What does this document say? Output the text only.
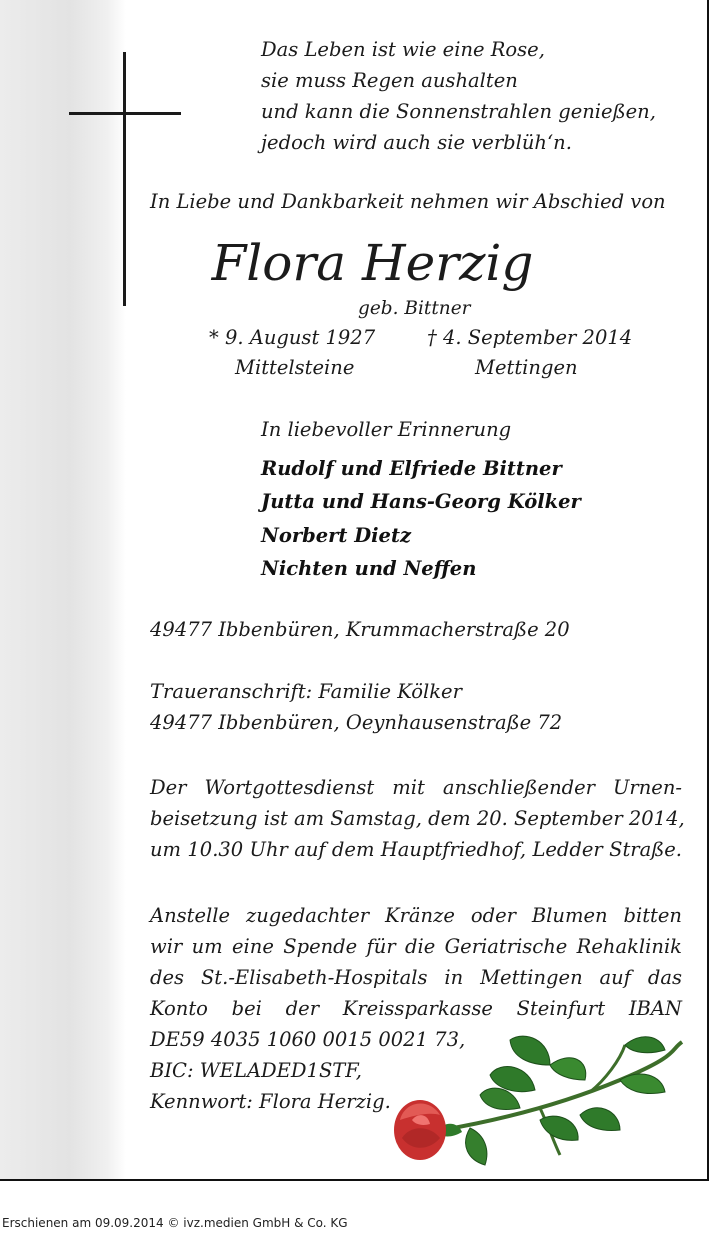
Das Leben ist wie eine Rose,
sie muss Regen aushalten
und kann die Sonnenstrahlen genießen,
jedoch wird auch sie verblüh‘n.
In Liebe und Dankbarkeit nehmen wir Abschied von
Flora Herzig
geb. Bittner
* 9. August 1927	† 4. September 2014
Mittelsteine	Mettingen
In liebevoller Erinnerung
Rudolf und Elfriede Bittner
Jutta und Hans-Georg Kölker
Norbert Dietz
Nichten und Neffen
49477 Ibbenbüren, Krummacherstraße 20
Traueranschrift: Familie Kölker
49477 Ibbenbüren, Oeynhausenstraße 72
Der Wortgottesdienst mit anschließender Urnen-
beisetzung ist am Samstag, dem 20. September 2014,
um 10.30 Uhr auf dem Hauptfriedhof, Ledder Straße.
Anstelle zugedachter Kränze oder Blumen bitten
wir um eine Spende für die Geriatrische Rehaklinik
des St.-Elisabeth-Hospitals in Mettingen auf das
Konto bei der Kreissparkasse Steinfurt IBAN
DE59 4035 1060 0015 0021 73,
BIC: WELADED1STF,
Kennwort: Flora Herzig.
Erschienen am 09.09.2014 © ivz.medien GmbH & Co. KG
